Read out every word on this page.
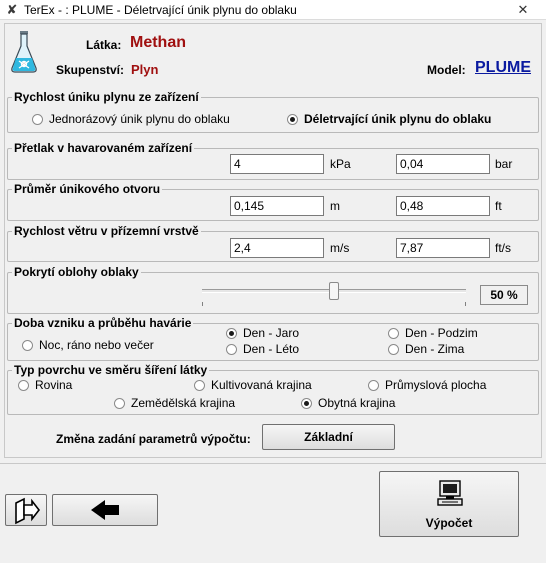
✘ TerEx - : PLUME - Déletrvající únik plynu do oblaku	✕
Látka: Methan
Skupenství: Plyn	Model: PLUME
Rychlost úniku plynu ze zařízení
Jednorázový únik plynu do oblaku	Déletrvající únik plynu do oblaku
Přetlak v havarovaném zařízení
4	kPa	0,04	bar
Průměr únikového otvoru
0,145	m	0,48	ft
Rychlost větru v přízemní vrstvě
2,4	m/s	7,87	ft/s
Pokrytí oblohy oblaky
50 %
Doba vzniku a průběhu havárie
Noc, ráno nebo večer
Den - Jaro
Den - Léto
Den - Podzim
Den - Zima
Typ povrchu ve směru šíření látky
Rovina	Kultivovaná krajina	Průmyslová plocha
Zemědělská krajina	Obytná krajina
Změna zadání parametrů výpočtu:	Základní
Výpočet
